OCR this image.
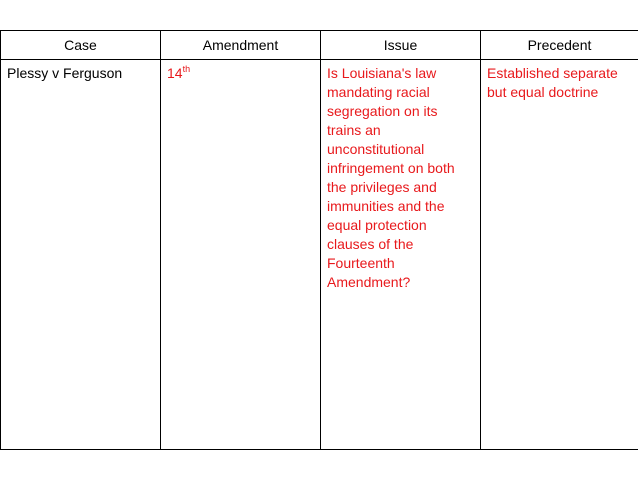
Case	Amendment	Issue	Precedent
Plessy v Ferguson	14th	Is Louisiana's law mandating racial segregation on its trains an unconstitutional infringement on both the privileges and immunities and the equal protection clauses of the Fourteenth Amendment?	Established separate but equal doctrine
